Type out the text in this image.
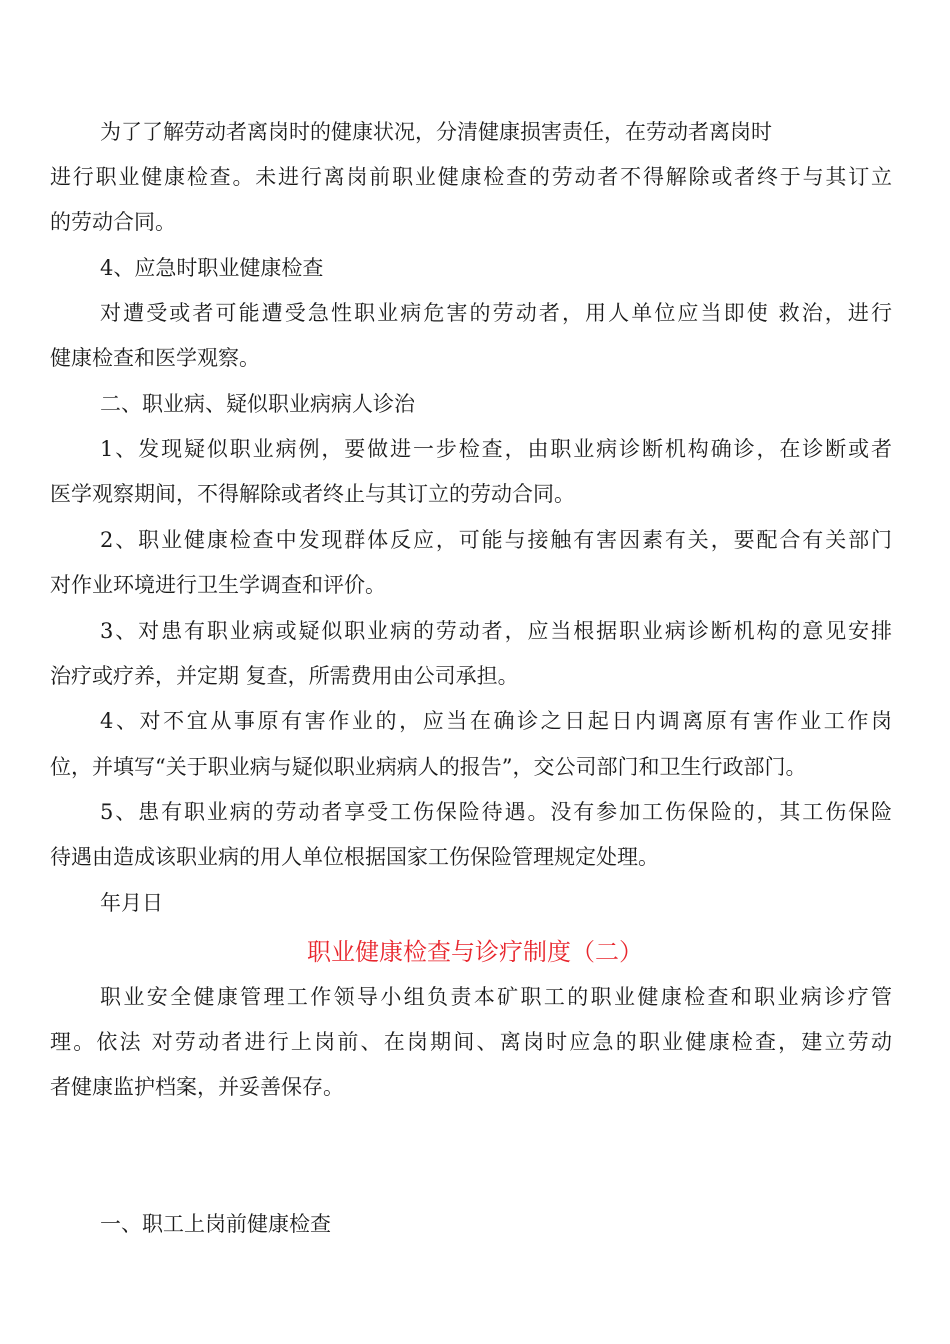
为了了解劳动者离岗时的健康状况，分清健康损害责任，在劳动者离岗时
进行职业健康检查。未进行离岗前职业健康检查的劳动者不得解除或者终于与其订立
的劳动合同。
4、应急时职业健康检查
对遭受或者可能遭受急性职业病危害的劳动者，用人单位应当即使 救治，进行
健康检查和医学观察。
二、职业病、疑似职业病病人诊治
1、发现疑似职业病例，要做进一步检查，由职业病诊断机构确诊，在诊断或者
医学观察期间，不得解除或者终止与其订立的劳动合同。
2、职业健康检查中发现群体反应，可能与接触有害因素有关，要配合有关部门
对作业环境进行卫生学调查和评价。
3、对患有职业病或疑似职业病的劳动者，应当根据职业病诊断机构的意见安排
治疗或疗养，并定期 复查，所需费用由公司承担。
4、对不宜从事原有害作业的，应当在确诊之日起日内调离原有害作业工作岗
位，并填写“关于职业病与疑似职业病病人的报告”，交公司部门和卫生行政部门。
5、患有职业病的劳动者享受工伤保险待遇。没有参加工伤保险的，其工伤保险
待遇由造成该职业病的用人单位根据国家工伤保险管理规定处理。
年月日
职业健康检查与诊疗制度（二）
职业安全健康管理工作领导小组负责本矿职工的职业健康检查和职业病诊疗管
理。依法 对劳动者进行上岗前、在岗期间、离岗时应急的职业健康检查，建立劳动
者健康监护档案，并妥善保存。
一、职工上岗前健康检查
